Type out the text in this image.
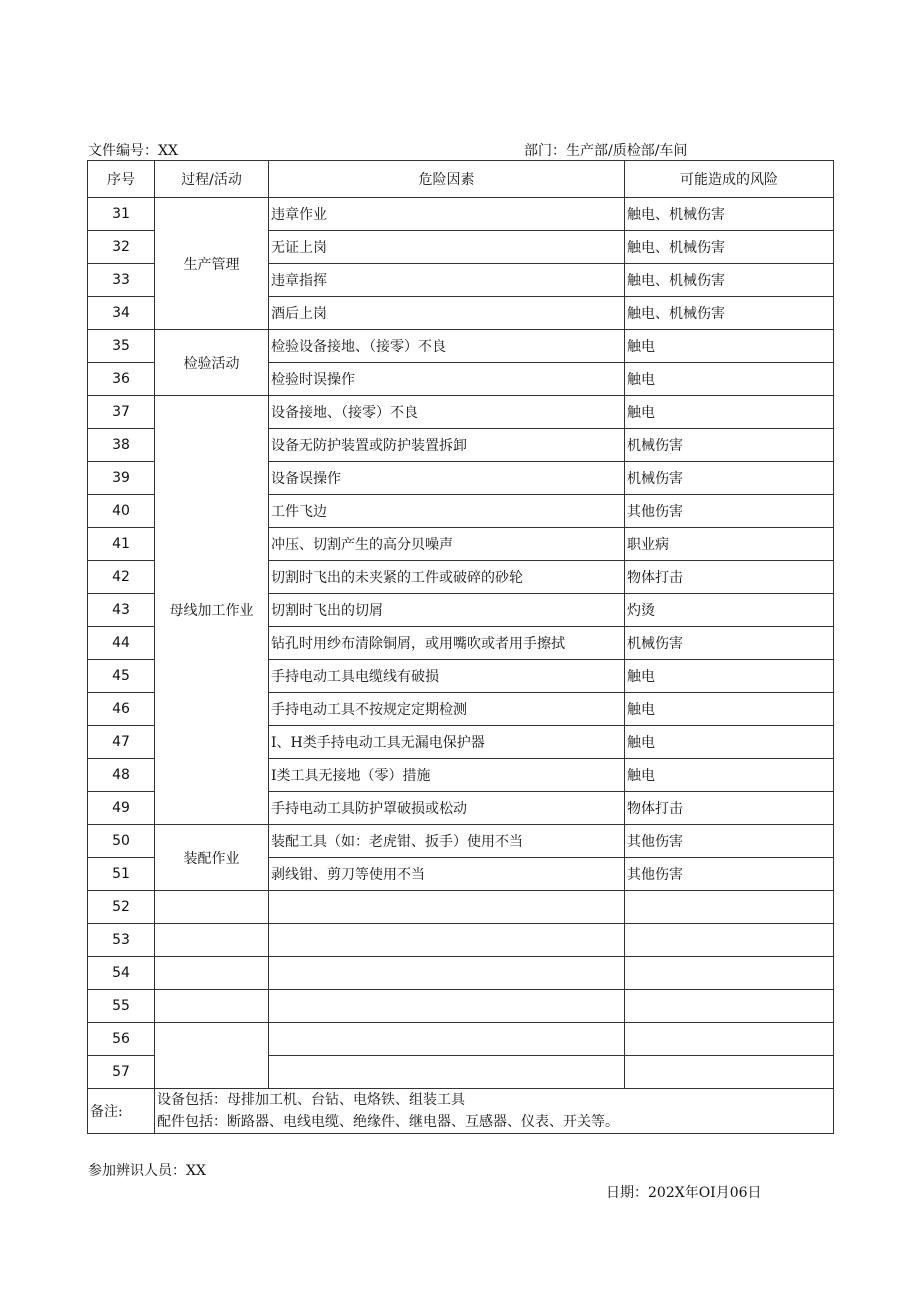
文件编号：XX	部门：生产部/质检部/车间
序号	过程/活动	危险因素	可能造成的风险
31	生产管理	违章作业	触电、机械伤害
32		无证上岗	触电、机械伤害
33		违章指挥	触电、机械伤害
34		酒后上岗	触电、机械伤害
35	检验活动	检验设备接地、（接零）不良	触电
36		检验时误操作	触电
37	母线加工作业	设备接地、（接零）不良	触电
38		设备无防护装置或防护装置拆卸	机械伤害
39		设备误操作	机械伤害
40		工件飞边	其他伤害
41		冲压、切割产生的高分贝噪声	职业病
42		切割时飞出的未夹紧的工件或破碎的砂轮	物体打击
43		切割时飞出的切屑	灼烫
44		钻孔时用纱布清除铜屑，或用嘴吹或者用手擦拭	机械伤害
45		手持电动工具电缆线有破损	触电
46		手持电动工具不按规定定期检测	触电
47		I、H类手持电动工具无漏电保护器	触电
48		I类工具无接地（零）措施	触电
49		手持电动工具防护罩破损或松动	物体打击
50	装配作业	装配工具（如：老虎钳、扳手）使用不当	其他伤害
51		剥线钳、剪刀等使用不当	其他伤害
52			
53			
54			
55			
56			
57			
备注:	设备包括：母排加工机、台钻、电烙铁、组装工具
配件包括：断路器、电线电缆、绝缘件、继电器、互感器、仪表、开关等。		
参加辨识人员：XX
日期：202X年OI月06日
